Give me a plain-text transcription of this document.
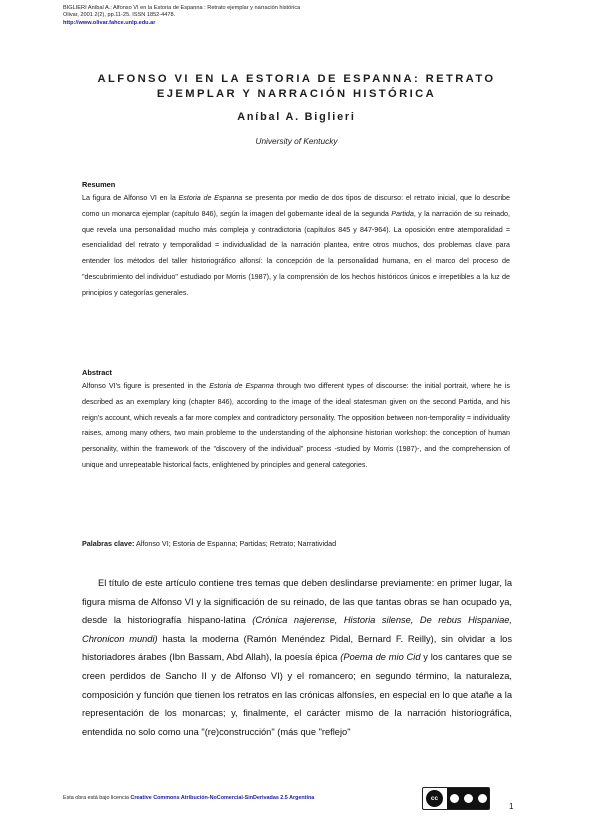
BIGLIERI Aníbal A.: Alfonso VI en la Estoria de Espanna : Retrato ejemplar y narración histórica
Olivar, 2001 2(2), pp.11-25. ISSN 1852-4478.
http://www.olivar.fahce.unlp.edu.ar
ALFONSO VI EN LA ESTORIA DE ESPANNA: RETRATO
EJEMPLAR Y NARRACIÓN HISTÓRICA
Aníbal A. Biglieri
University of Kentucky
Resumen
La figura de Alfonso VI en la Estoria de Espanna se presenta por medio de dos tipos de discurso: el retrato inicial, que lo describe como un monarca ejemplar (capítulo 846), según la imagen del gobernante ideal de la segunda Partida, y la narración de su reinado, que revela una personalidad mucho más compleja y contradictoria (capítulos 845 y 847-964). La oposición entre atemporalidad = esencialidad del retrato y temporalidad = individualidad de la narración plantea, entre otros muchos, dos problemas clave para entender los métodos del taller historiográfico alfonsí: la concepción de la personalidad humana, en el marco del proceso de "descubrimiento del individuo" estudiado por Morris (1987), y la comprensión de los hechos históricos únicos e irrepetibles a la luz de principios y categorías generales.
Abstract
Alfonso VI's figure is presented in the Estoria de Espanna through two different types of discourse: the initial portrait, where he is described as an exemplary king (chapter 846), according to the image of the ideal statesman given on the second Partida, and his reign's account, which reveals a far more complex and contradictory personality. The opposition between non-temporality = individuality raises, among many others, two main probleme to the understanding of the alphonsine historian workshop: the conception of human personality, within the framework of the "discovery of the individual" process -studied by Morris (1987)-, and the comprehension of unique and unrepeatable historical facts, enlightened by principles and general categories.
Palabras clave: Alfonso VI; Estoria de Espanna; Partidas; Retrato; Narratividad
El título de este artículo contiene tres temas que deben deslindarse previamente: en primer lugar, la figura misma de Alfonso VI y la significación de su reinado, de las que tantas obras se han ocupado ya, desde la historiografía hispano-latina (Crónica najerense, Historia silense, De rebus Hispaniae, Chronicon mundi) hasta la moderna (Ramón Menéndez Pidal, Bernard F. Reilly), sin olvidar a los historiadores árabes (Ibn Bassam, Abd Allah), la poesía épica (Poema de mio Cid y los cantares que se creen perdidos de Sancho II y de Alfonso VI) y el romancero; en segundo término, la naturaleza, composición y función que tienen los retratos en las crónicas alfonsíes, en especial en lo que atañe a la representación de los monarcas; y, finalmente, el carácter mismo de la narración historiográfica, entendida no solo como una "(re)construcción" (más que "reflejo"
Esta obra está bajo licencia Creative Commons Atribución-NoComercial-SinDerivadas 2.5 Argentina	cc
1
